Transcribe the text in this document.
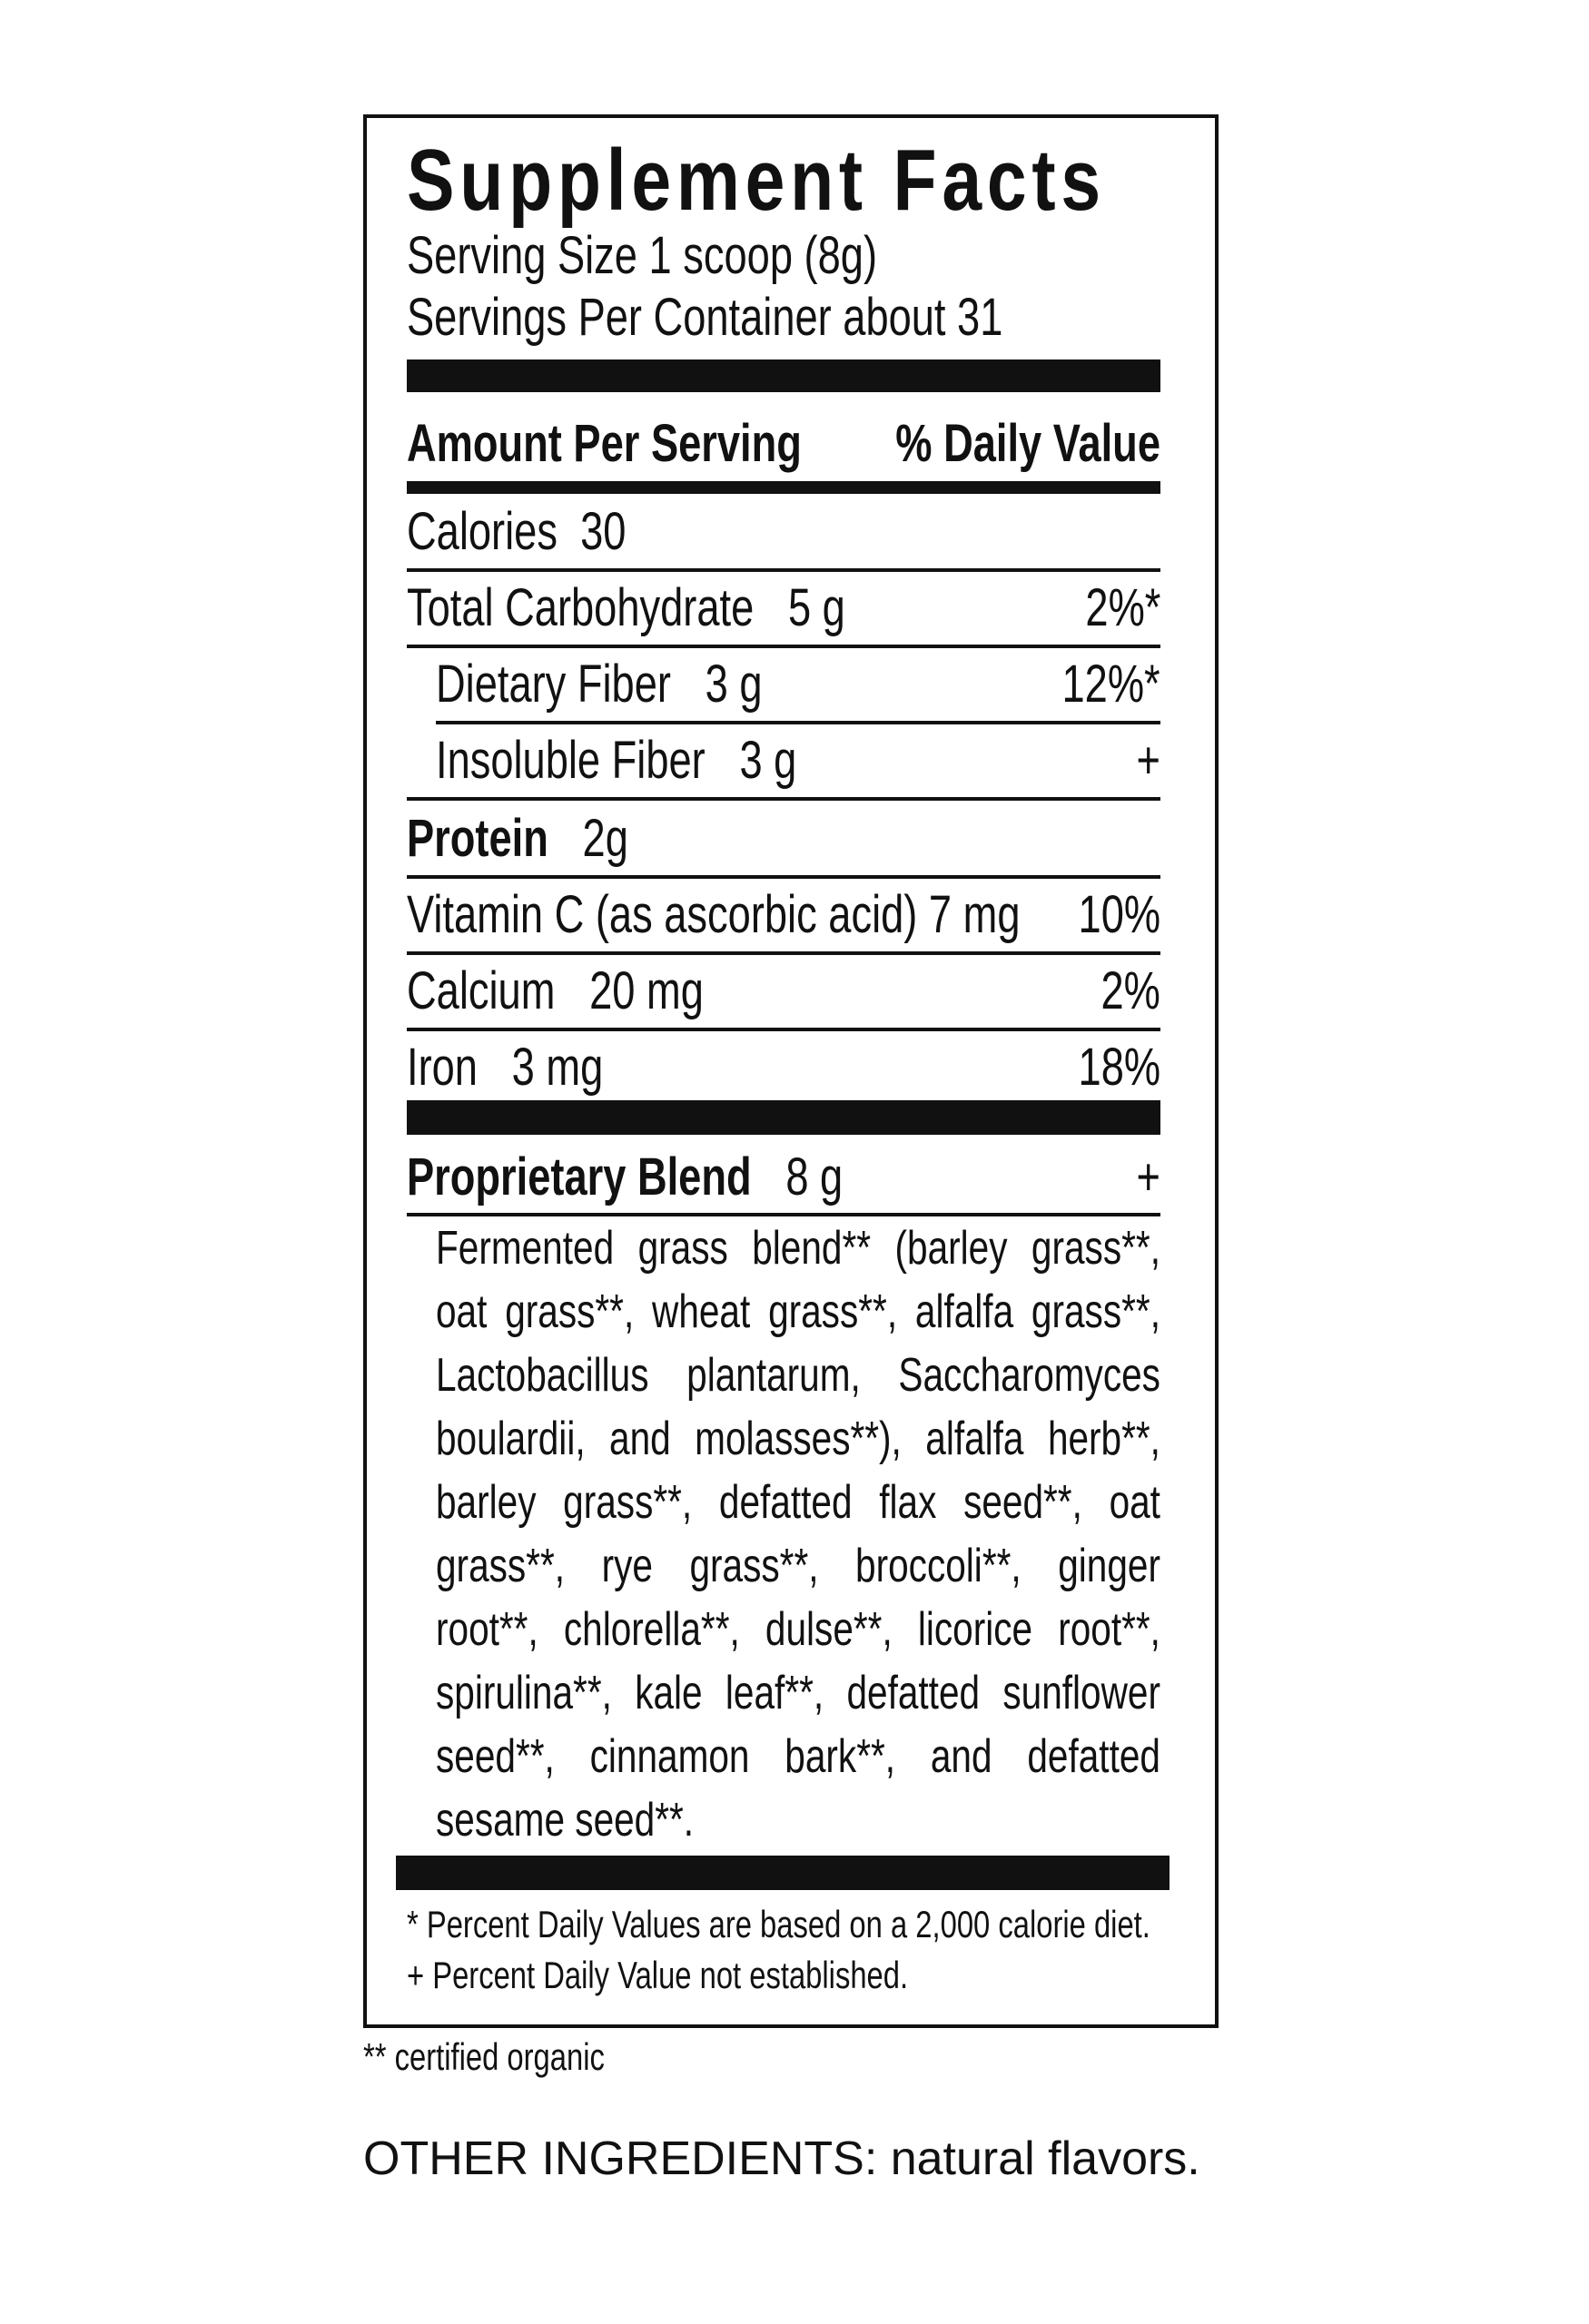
Supplement Facts
Serving Size 1 scoop (8g)
Servings Per Container about 31
Amount Per Serving % Daily Value
Calories 30
Total Carbohydrate 5 g	2%*
Dietary Fiber 3 g	12%*
Insoluble Fiber 3 g	+
Protein 2g
Vitamin C (as ascorbic acid) 7 mg 10%
Calcium 20 mg	2%
Iron 3 mg	18%
Proprietary Blend 8 g	+
Fermented grass blend** (barley grass**, oat grass**, wheat grass**, alfalfa grass**, Lactobacillus plantarum, Saccharomyces boulardii, and molasses**), alfalfa herb**, barley grass**, defatted flax seed**, oat grass**, rye grass**, broccoli**, ginger root**, chlorella**, dulse**, licorice root**, spirulina**, kale leaf**, defatted sunflower seed**, cinnamon bark**, and defatted sesame seed**.
* Percent Daily Values are based on a 2,000 calorie diet.
+ Percent Daily Value not established.
** certified organic
OTHER INGREDIENTS: natural flavors.
